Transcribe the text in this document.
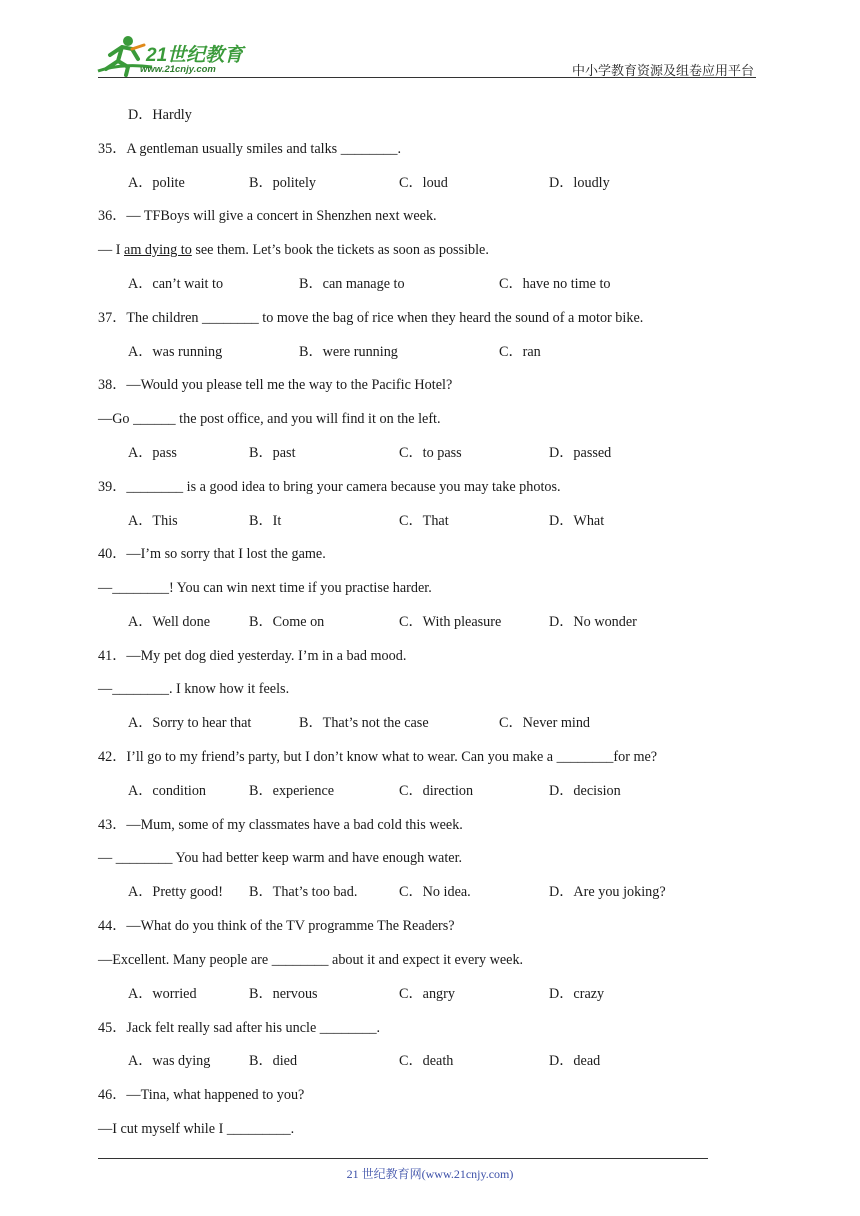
21世纪教育
www.21cnjy.com	中小学教育资源及组卷应用平台
D．Hardly
35．A gentleman usually smiles and talks ________.
A．polite	B．politely	C．loud	D．loudly
36．— TFBoys will give a concert in Shenzhen next week.
— I am dying to see them. Let’s book the tickets as soon as possible.
A．can’t wait to	B．can manage to	C．have no time to
37．The children ________ to move the bag of rice when they heard the sound of a motor bike.
A．was running	B．were running	C．ran
38．—Would you please tell me the way to the Pacific Hotel?
—Go ______ the post office, and you will find it on the left.
A．pass	B．past	C．to pass	D．passed
39．________ is a good idea to bring your camera because you may take photos.
A．This	B．It	C．That	D．What
40．—I’m so sorry that I lost the game.
—________! You can win next time if you practise harder.
A．Well done	B．Come on	C．With pleasure	D．No wonder
41．—My pet dog died yesterday. I’m in a bad mood.
—________. I know how it feels.
A．Sorry to hear that	B．That’s not the case	C．Never mind
42．I’ll go to my friend’s party, but I don’t know what to wear. Can you make a ________for me?
A．condition	B．experience	C．direction	D．decision
43．—Mum, some of my classmates have a bad cold this week.
— ________ You had better keep warm and have enough water.
A．Pretty good! B．That’s too bad.	C．No idea.	D．Are you joking?
44．—What do you think of the TV programme The Readers?
—Excellent. Many people are ________ about it and expect it every week.
A．worried	B．nervous	C．angry	D．crazy
45．Jack felt really sad after his uncle ________.
A．was dying	B．died	C．death	D．dead
46．—Tina, what happened to you?
—I cut myself while I _________.
21 世纪教育网(www.21cnjy.com)
